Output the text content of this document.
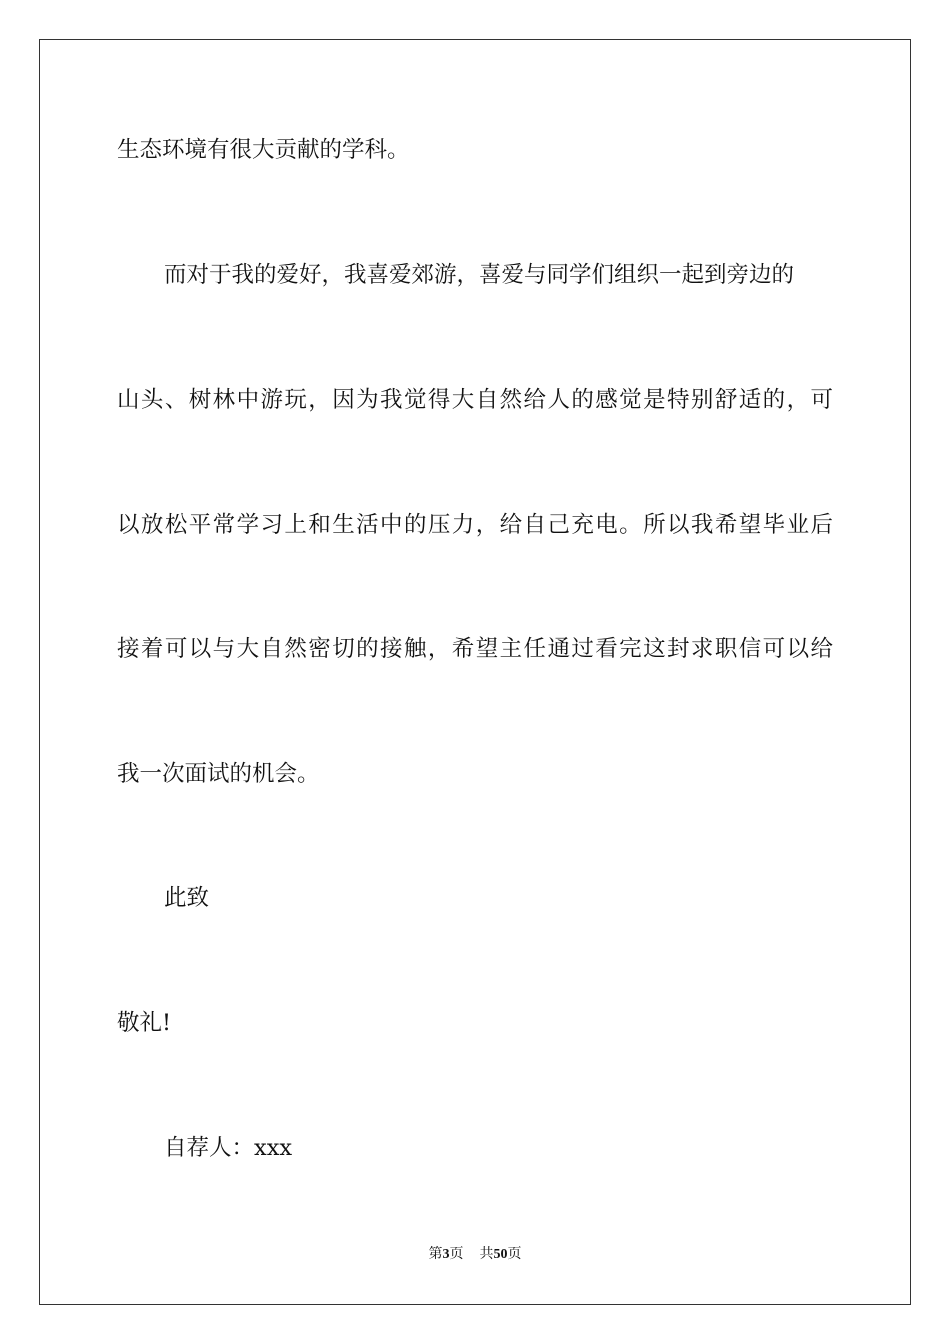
生态环境有很大贡献的学科。
而对于我的爱好，我喜爱郊游，喜爱与同学们组织一起到旁边的
山头、树林中游玩，因为我觉得大自然给人的感觉是特别舒适的，可
以放松平常学习上和生活中的压力，给自己充电。所以我希望毕业后
接着可以与大自然密切的接触，希望主任通过看完这封求职信可以给
我一次面试的机会。
此致
敬礼!
自荐人：xxx
第3页 共50页
